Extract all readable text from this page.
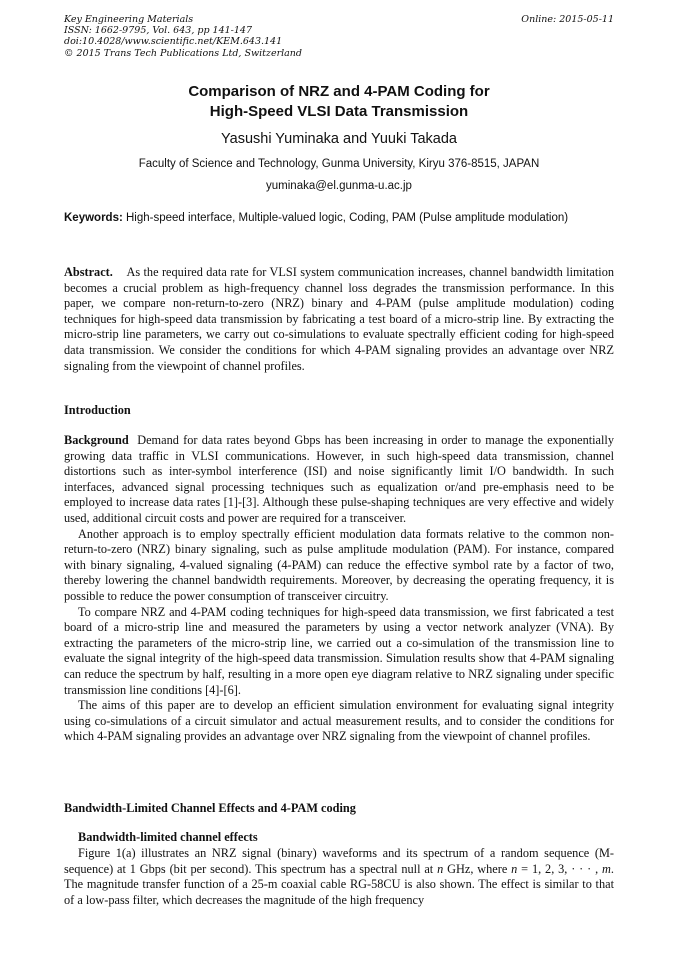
Key Engineering Materials
ISSN: 1662-9795, Vol. 643, pp 141-147
doi:10.4028/www.scientific.net/KEM.643.141
© 2015 Trans Tech Publications Ltd, Switzerland
Online: 2015-05-11
Comparison of NRZ and 4-PAM Coding for
High-Speed VLSI Data Transmission
Yasushi Yuminaka and Yuuki Takada
Faculty of Science and Technology, Gunma University, Kiryu 376-8515, JAPAN
yuminaka@el.gunma-u.ac.jp
Keywords: High-speed interface, Multiple-valued logic, Coding, PAM (Pulse amplitude modulation)

Abstract. As the required data rate for VLSI system communication increases, channel bandwidth limitation becomes a crucial problem as high-frequency channel loss degrades the transmission performance. In this paper, we compare non-return-to-zero (NRZ) binary and 4-PAM (pulse amplitude modulation) coding techniques for high-speed data transmission by fabricating a test board of a micro-strip line. By extracting the micro-strip line parameters, we carry out co-simulations to evaluate spectrally efficient coding for high-speed data transmission. We consider the conditions for which 4-PAM signaling provides an advantage over NRZ signaling from the viewpoint of channel profiles.

Introduction

Background Demand for data rates beyond Gbps has been increasing in order to manage the exponentially growing data traffic in VLSI communications. However, in such high-speed data transmission, channel distortions such as inter-symbol interference (ISI) and noise significantly limit I/O bandwidth. In such interfaces, advanced signal processing techniques such as equalization or/and pre-emphasis need to be employed to increase data rates [1]-[3]. Although these pulse-shaping techniques are very effective and widely used, additional circuit costs and power are required for a transceiver.

Another approach is to employ spectrally efficient modulation data formats relative to the common non-return-to-zero (NRZ) binary signaling, such as pulse amplitude modulation (PAM). For instance, compared with binary signaling, 4-valued signaling (4-PAM) can reduce the effective symbol rate by a factor of two, thereby lowering the channel bandwidth requirements. Moreover, by decreasing the operating frequency, it is possible to reduce the power consumption of transceiver circuitry.

To compare NRZ and 4-PAM coding techniques for high-speed data transmission, we first fabricated a test board of a micro-strip line and measured the parameters by using a vector network analyzer (VNA). By extracting the parameters of the micro-strip line, we carried out a co-simulation of the transmission line to evaluate the signal integrity of the high-speed data transmission. Simulation results show that 4-PAM signaling can reduce the spectrum by half, resulting in a more open eye diagram relative to NRZ signaling under specific transmission line conditions [4]-[6].

The aims of this paper are to develop an efficient simulation environment for evaluating signal integrity using co-simulations of a circuit simulator and actual measurement results, and to consider the conditions for which 4-PAM signaling provides an advantage over NRZ signaling from the viewpoint of channel profiles.

Bandwidth-Limited Channel Effects and 4-PAM coding
Bandwidth-limited channel effects

Figure 1(a) illustrates an NRZ signal (binary) waveforms and its spectrum of a random sequence (M-sequence) at 1 Gbps (bit per second). This spectrum has a spectral null at n GHz, where n = 1, 2, 3, · · · , m. The magnitude transfer function of a 25-m coaxial cable RG-58CU is also shown. The effect is similar to that of a low-pass filter, which decreases the magnitude of the high frequency
